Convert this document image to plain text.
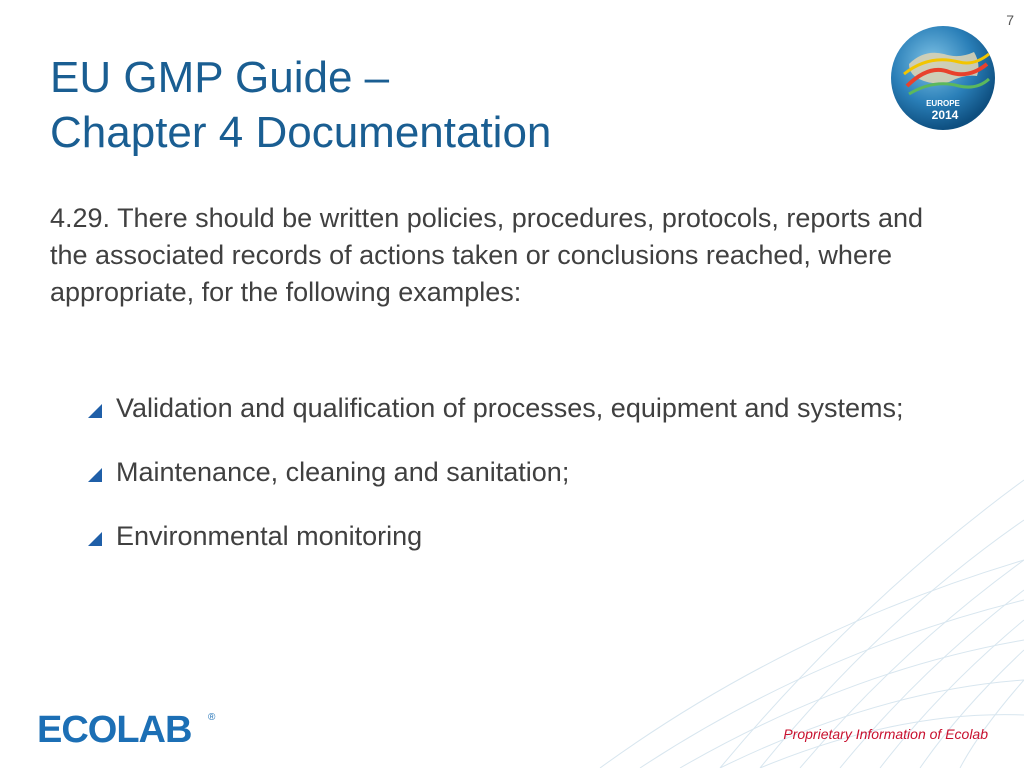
7
EUROPE
2014
EU GMP Guide –
Chapter 4 Documentation

4.29. There should be written policies, procedures, protocols, reports and the associated records of actions taken or conclusions reached, where appropriate, for the following examples:

Validation and qualification of processes, equipment and systems;
Maintenance, cleaning and sanitation;
Environmental monitoring
ECOLAB ®
Proprietary Information of Ecolab
